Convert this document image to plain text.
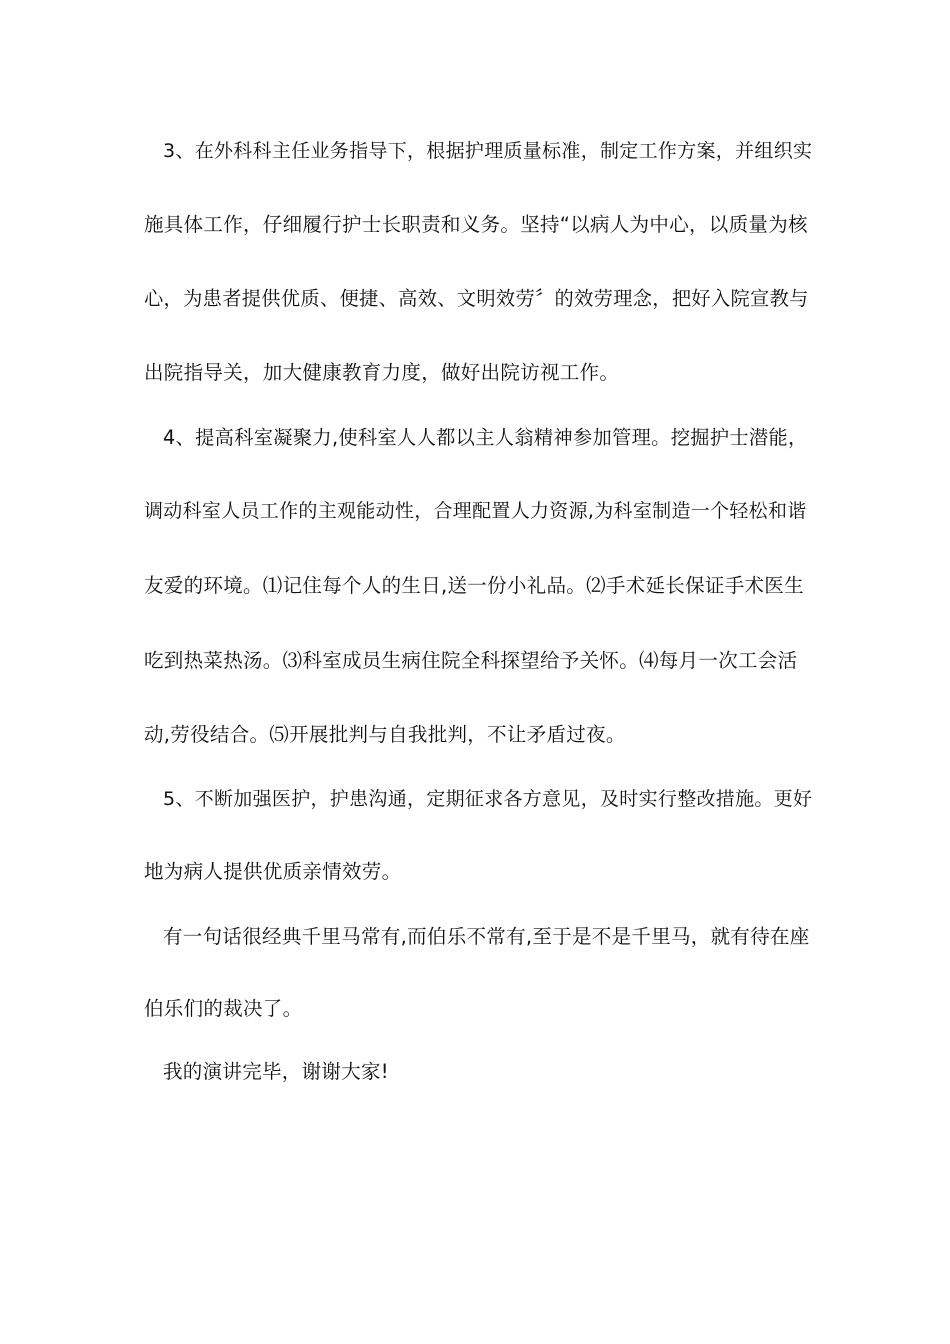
3、在外科科主任业务指导下，根据护理质量标准，制定工作方案，并组织实
施具体工作，仔细履行护士长职责和义务。坚持“以病人为中心，以质量为核
心，为患者提供优质、便捷、高效、文明效劳〞的效劳理念，把好入院宣教与
出院指导关，加大健康教育力度，做好出院访视工作。
4、提高科室凝聚力,使科室人人都以主人翁精神参加管理。挖掘护士潜能，
调动科室人员工作的主观能动性，合理配置人力资源,为科室制造一个轻松和谐
友爱的环境。⑴记住每个人的生日,送一份小礼品。⑵手术延长保证手术医生
吃到热菜热汤。⑶科室成员生病住院全科探望给予关怀。⑷每月一次工会活
动,劳役结合。⑸开展批判与自我批判，不让矛盾过夜。
5、不断加强医护，护患沟通，定期征求各方意见，及时实行整改措施。更好
地为病人提供优质亲情效劳。
有一句话很经典千里马常有,而伯乐不常有,至于是不是千里马，就有待在座
伯乐们的裁决了。
我的演讲完毕，谢谢大家!
